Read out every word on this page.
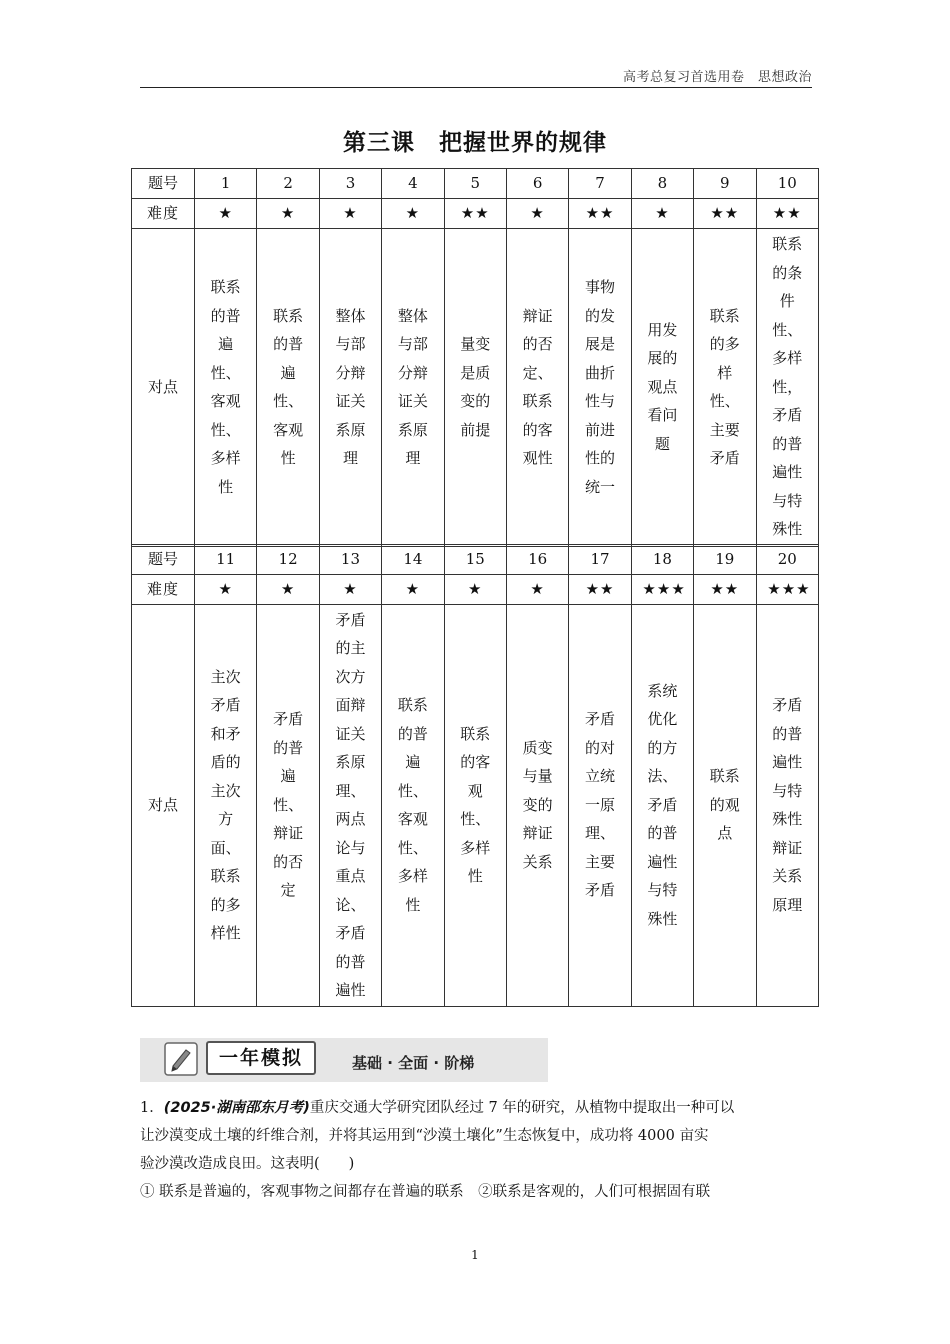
高考总复习首选用卷　思想政治
第三课　把握世界的规律
题号	1	2	3	4	5	6	7	8	9	10
难度	★	★	★	★	★★	★	★★	★	★★	★★
对点	联系的普遍性、客观性、多样性	联系的普遍性、客观性	整体与部分辩证关系原理	整体与部分辩证关系原理	量变是质变的前提	辩证的否定、联系的客观性	事物的发展是曲折性与前进性的统一	用发展的观点看问题	联系的多样性、主要矛盾	联系的条件性、多样性，矛盾的普遍性与特殊性
题号	11	12	13	14	15	16	17	18	19	20
难度	★	★	★	★	★	★	★★	★★★	★★	★★★
对点	主次矛盾和矛盾的主次方面、联系的多样性	矛盾的普遍性、辩证的否定	矛盾的主次方面辩证关系原理、两点论与重点论、矛盾的普遍性	联系的普遍性、客观性、多样性	联系的客观性、多样性	质变与量变的辩证关系	矛盾的对立统一原理、主要矛盾	系统优化的方法、矛盾的普遍性与特殊性	联系的观点	矛盾的普遍性与特殊性辩证关系原理
一年模拟	基础 · 全面 · 阶梯
1．(2025·湖南邵东月考)重庆交通大学研究团队经过 7 年的研究，从植物中提取出一种可以
让沙漠变成土壤的纤维合剂，并将其运用到“沙漠土壤化”生态恢复中，成功将 4000 亩实
验沙漠改造成良田。这表明(　　)
① 联系是普遍的，客观事物之间都存在普遍的联系　②联系是客观的，人们可根据固有联
1
